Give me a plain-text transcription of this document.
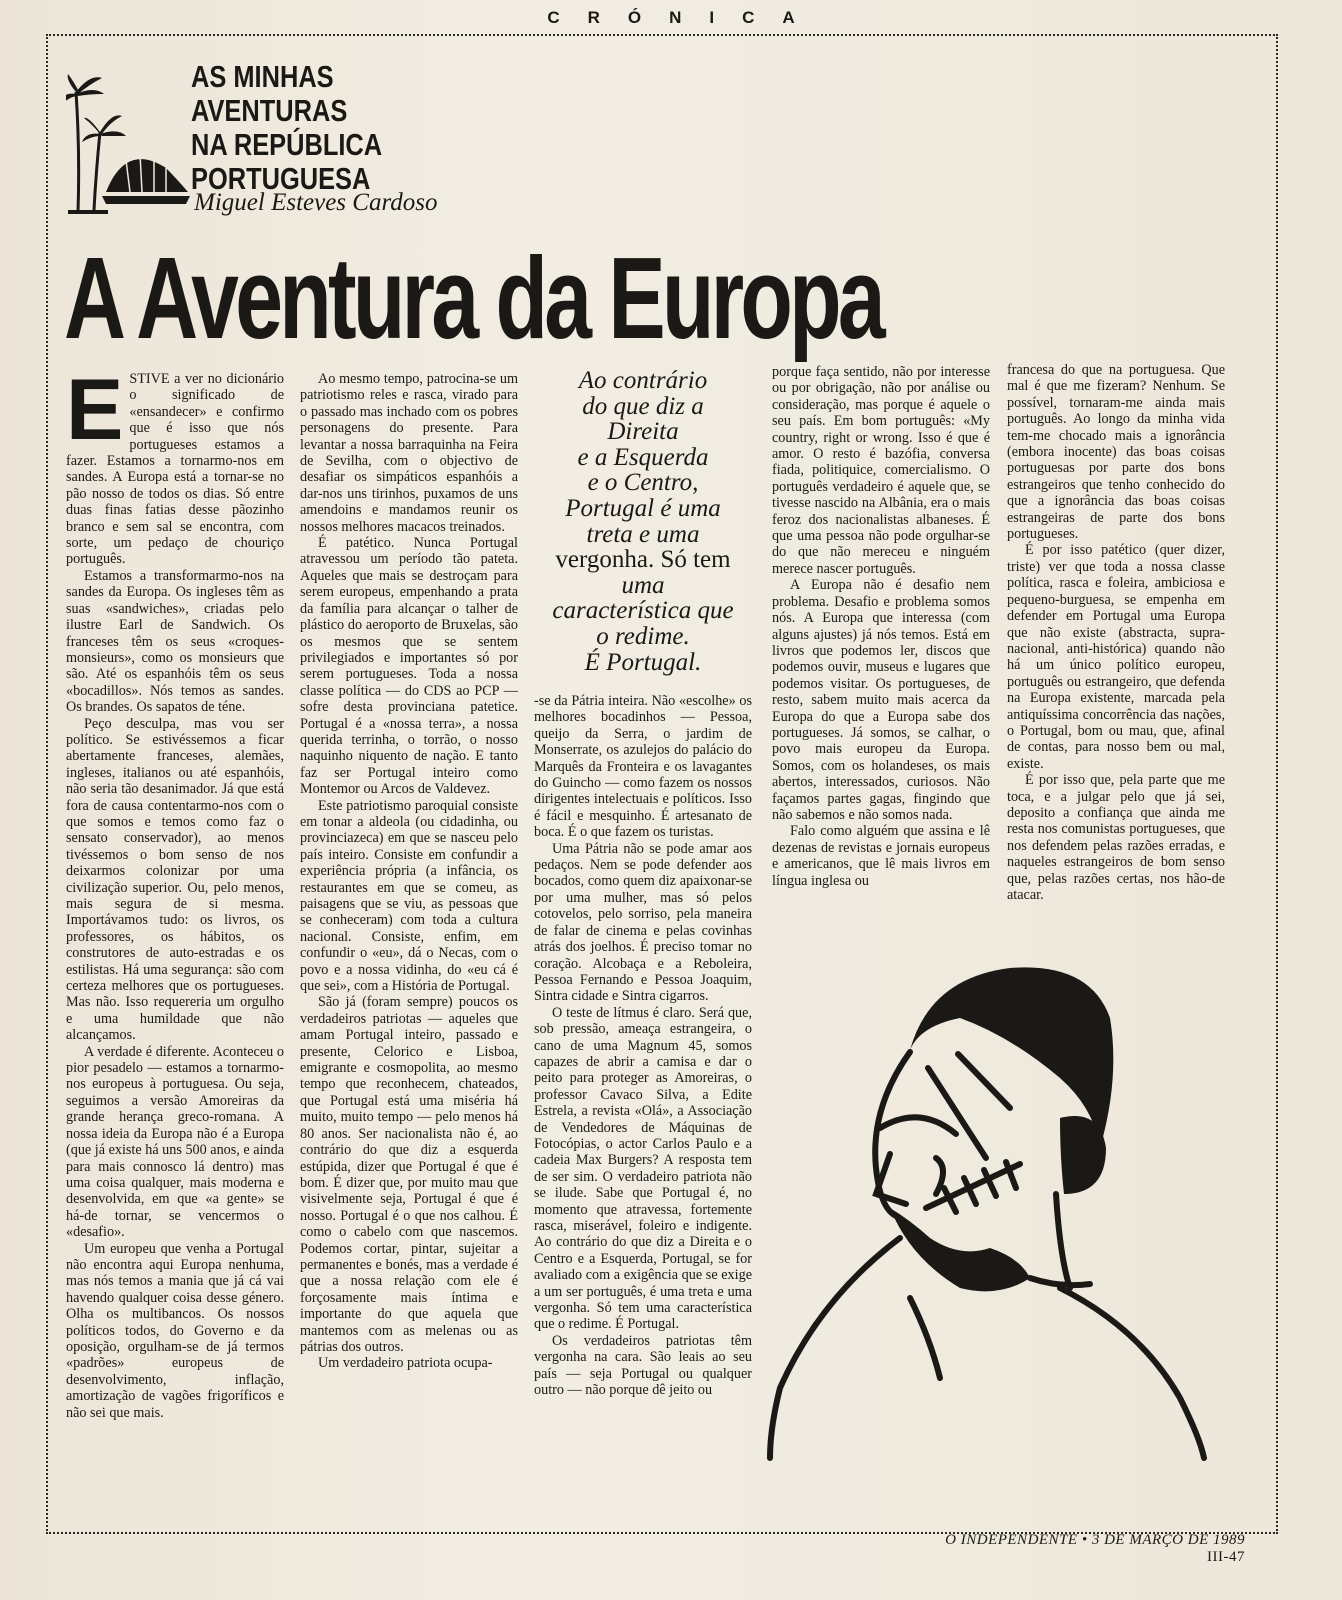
CRÓNICA
AS MINHAS
AVENTURAS
NA REPÚBLICA
PORTUGUESA

Miguel Esteves Cardoso

A Aventura da Europa

ESTIVE a ver no dicionário o significado de «ensandecer» e confirmo que é isso que nós portugueses estamos a fazer. Estamos a tornarmo-nos em sandes. A Europa está a tornar-se no pão nosso de todos os dias. Só entre duas finas fatias desse pãozinho branco e sem sal se encontra, com sorte, um pedaço de chouriço português.

Estamos a transformarmo-nos na sandes da Europa. Os ingleses têm as suas «sandwiches», criadas pelo ilustre Earl de Sandwich. Os franceses têm os seus «croques-monsieurs», como os monsieurs que são. Até os espanhóis têm os seus «bocadillos». Nós temos as sandes. Os brandes. Os sapatos de téne.

Peço desculpa, mas vou ser político. Se estivéssemos a ficar abertamente franceses, alemães, ingleses, italianos ou até espanhóis, não seria tão desanimador. Já que está fora de causa contentarmo-nos com o que somos e temos como faz o sensato conservador), ao menos tivéssemos o bom senso de nos deixarmos colonizar por uma civilização superior. Ou, pelo menos, mais segura de si mesma. Importávamos tudo: os livros, os professores, os hábitos, os construtores de auto-estradas e os estilistas. Há uma segurança: são com certeza melhores que os portugueses. Mas não. Isso requereria um orgulho e uma humildade que não alcançamos.

A verdade é diferente. Aconteceu o pior pesadelo — estamos a tornarmo-nos europeus à portuguesa. Ou seja, seguimos a versão Amoreiras da grande herança greco-romana. A nossa ideia da Europa não é a Europa (que já existe há uns 500 anos, e ainda para mais connosco lá dentro) mas uma coisa qualquer, mais moderna e desenvolvida, em que «a gente» se há-de tornar, se vencermos o «desafio».

Um europeu que venha a Portugal não encontra aqui Europa nenhuma, mas nós temos a mania que já cá vai havendo qualquer coisa desse género. Olha os multibancos. Os nossos políticos todos, do Governo e da oposição, orgulham-se de já termos «padrões» europeus de desenvolvimento, inflação, amortização de vagões frigoríficos e não sei que mais.

Ao mesmo tempo, patrocina-se um patriotismo reles e rasca, virado para o passado mas inchado com os pobres personagens do presente. Para levantar a nossa barraquinha na Feira de Sevilha, com o objectivo de desafiar os simpáticos espanhóis a dar-nos uns tirinhos, puxamos de uns amendoins e mandamos reunir os nossos melhores macacos treinados.

É patético. Nunca Portugal atravessou um período tão pateta. Aqueles que mais se destroçam para serem europeus, empenhando a prata da família para alcançar o talher de plástico do aeroporto de Bruxelas, são os mesmos que se sentem privilegiados e importantes só por serem portugueses. Toda a nossa classe política — do CDS ao PCP — sofre desta provinciana patetice. Portugal é a «nossa terra», a nossa querida terrinha, o torrão, o nosso naquinho niquento de nação. E tanto faz ser Portugal inteiro como Montemor ou Arcos de Valdevez.

Este patriotismo paroquial consiste em tonar a aldeola (ou cidadinha, ou provinciazeca) em que se nasceu pelo país inteiro. Consiste em confundir a experiência própria (a infância, os restaurantes em que se comeu, as paisagens que se viu, as pessoas que se conheceram) com toda a cultura nacional. Consiste, enfim, em confundir o «eu», dá o Necas, com o povo e a nossa vidinha, do «eu cá é que sei», com a História de Portugal.

São já (foram sempre) poucos os verdadeiros patriotas — aqueles que amam Portugal inteiro, passado e presente, Celorico e Lisboa, emigrante e cosmopolita, ao mesmo tempo que reconhecem, chateados, que Portugal está uma miséria há muito, muito tempo — pelo menos há 80 anos. Ser nacionalista não é, ao contrário do que diz a esquerda estúpida, dizer que Portugal é que é bom. É dizer que, por muito mau que visivelmente seja, Portugal é que é nosso. Portugal é o que nos calhou. É como o cabelo com que nascemos. Podemos cortar, pintar, sujeitar a permanentes e bonés, mas a verdade é que a nossa relação com ele é forçosamente mais íntima e importante do que aquela que mantemos com as melenas ou as pátrias dos outros.

Um verdadeiro patriota ocupa-

Ao contrário
do que diz a
Direita
e a Esquerda
e o Centro,
Portugal é uma
treta e uma
vergonha. Só tem
uma
característica que
o redime.
É Portugal.

-se da Pátria inteira. Não «escolhe» os melhores bocadinhos — Pessoa, queijo da Serra, o jardim de Monserrate, os azulejos do palácio do Marquês da Fronteira e os lavagantes do Guincho — como fazem os nossos dirigentes intelectuais e políticos. Isso é fácil e mesquinho. É artesanato de boca. É o que fazem os turistas.

Uma Pátria não se pode amar aos pedaços. Nem se pode defender aos bocados, como quem diz apaixonar-se por uma mulher, mas só pelos cotovelos, pelo sorriso, pela maneira de falar de cinema e pelas covinhas atrás dos joelhos. É preciso tomar no coração. Alcobaça e a Reboleira, Pessoa Fernando e Pessoa Joaquim, Sintra cidade e Sintra cigarros.

O teste de lítmus é claro. Será que, sob pressão, ameaça estrangeira, o cano de uma Magnum 45, somos capazes de abrir a camisa e dar o peito para proteger as Amoreiras, o professor Cavaco Silva, a Edite Estrela, a revista «Olá», a Associação de Vendedores de Máquinas de Fotocópias, o actor Carlos Paulo e a cadeia Max Burgers? A resposta tem de ser sim. O verdadeiro patriota não se ilude. Sabe que Portugal é, no momento que atravessa, fortemente rasca, miserável, foleiro e indigente. Ao contrário do que diz a Direita e o Centro e a Esquerda, Portugal, se for avaliado com a exigência que se exige a um ser português, é uma treta e uma vergonha. Só tem uma característica que o redime. É Portugal.

Os verdadeiros patriotas têm vergonha na cara. São leais ao seu país — seja Portugal ou qualquer outro — não porque dê jeito ou

porque faça sentido, não por interesse ou por obrigação, não por análise ou consideração, mas porque é aquele o seu país. Em bom português: «My country, right or wrong. Isso é que é amor. O resto é bazófia, conversa fiada, politiquice, comercialismo. O português verdadeiro é aquele que, se tivesse nascido na Albânia, era o mais feroz dos nacionalistas albaneses. É que uma pessoa não pode orgulhar-se do que não mereceu e ninguém merece nascer português.

A Europa não é desafio nem problema. Desafio e problema somos nós. A Europa que interessa (com alguns ajustes) já nós temos. Está em livros que podemos ler, discos que podemos ouvir, museus e lugares que podemos visitar. Os portugueses, de resto, sabem muito mais acerca da Europa do que a Europa sabe dos portugueses. Já somos, se calhar, o povo mais europeu da Europa. Somos, com os holandeses, os mais abertos, interessados, curiosos. Não façamos partes gagas, fingindo que não sabemos e não somos nada.

Falo como alguém que assina e lê dezenas de revistas e jornais europeus e americanos, que lê mais livros em língua inglesa ou

francesa do que na portuguesa. Que mal é que me fizeram? Nenhum. Se possível, tornaram-me ainda mais português. Ao longo da minha vida tem-me chocado mais a ignorância (embora inocente) das boas coisas portuguesas por parte dos bons estrangeiros que tenho conhecido do que a ignorância das boas coisas estrangeiras de parte dos bons portugueses.

É por isso patético (quer dizer, triste) ver que toda a nossa classe política, rasca e foleira, ambiciosa e pequeno-burguesa, se empenha em defender em Portugal uma Europa que não existe (abstracta, supra-nacional, anti-histórica) quando não há um único político europeu, português ou estrangeiro, que defenda na Europa existente, marcada pela antiquíssima concorrência das nações, o Portugal, bom ou mau, que, afinal de contas, para nosso bem ou mal, existe.

É por isso que, pela parte que me toca, e a julgar pelo que já sei, deposito a confiança que ainda me resta nos comunistas portugueses, que nos defendem pelas razões erradas, e naqueles estrangeiros de bom senso que, pelas razões certas, nos hão-de atacar.

O INDEPENDENTE • 3 DE MARÇO DE 1989 III-47
